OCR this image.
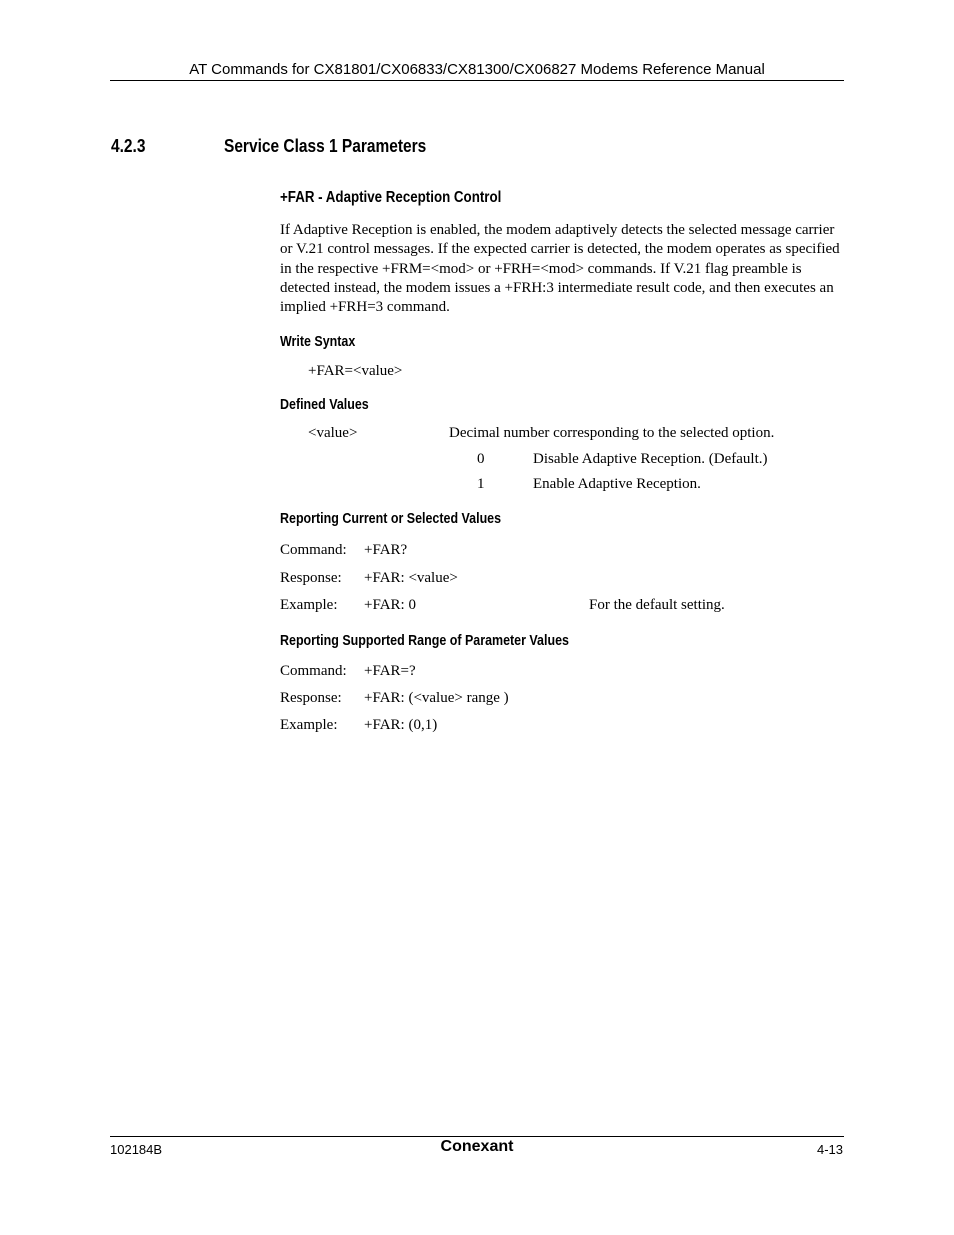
AT Commands for CX81801/CX06833/CX81300/CX06827 Modems Reference Manual
4.2.3	Service Class 1 Parameters
+FAR - Adaptive Reception Control
If Adaptive Reception is enabled, the modem adaptively detects the selected message carrier or V.21 control messages. If the expected carrier is detected, the modem operates as specified in the respective +FRM=<mod> or +FRH=<mod> commands. If V.21 flag preamble is detected instead, the modem issues a +FRH:3 intermediate result code, and then executes an implied +FRH=3 command.
Write Syntax
+FAR=<value>
Defined Values
<value>	Decimal number corresponding to the selected option.
0	Disable Adaptive Reception. (Default.)
1	Enable Adaptive Reception.
Reporting Current or Selected Values
Command: +FAR?
Response: +FAR: <value>
Example: +FAR: 0	For the default setting.
Reporting Supported Range of Parameter Values
Command: +FAR=?
Response: +FAR: (<value> range )
Example: +FAR: (0,1)
102184B	Conexant	4-13
